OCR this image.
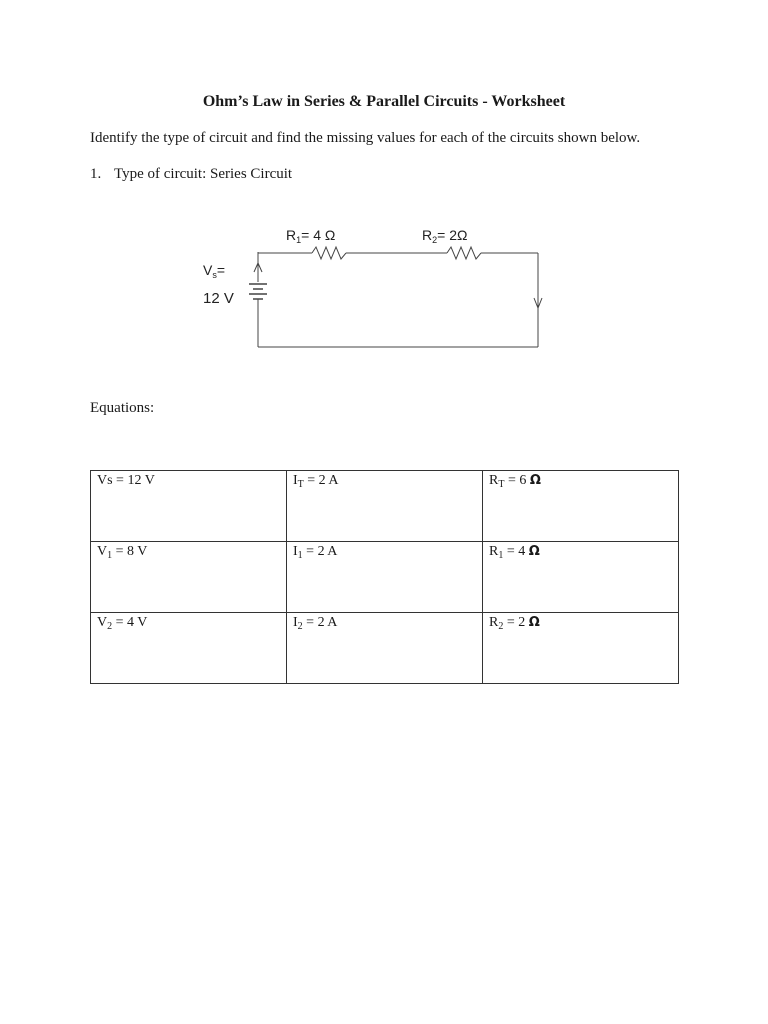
Ohm’s Law in Series & Parallel Circuits - Worksheet
Identify the type of circuit and find the missing values for each of the circuits shown below.
1. Type of circuit: Series Circuit
$R_1= 4$ Ω	$R_2= 2\Omega$
$V_s=$
12 V
Equations:
Vs = 12 V	$I_T = 2$ A	$R_T = 6$ Ω
$V_1 = 8$ V	$I_1 = 2$ A	$R_1 = 4$ Ω
$V_2 = 4$ V	$I_2 = 2$ A	$R_2 = 2$ Ω
